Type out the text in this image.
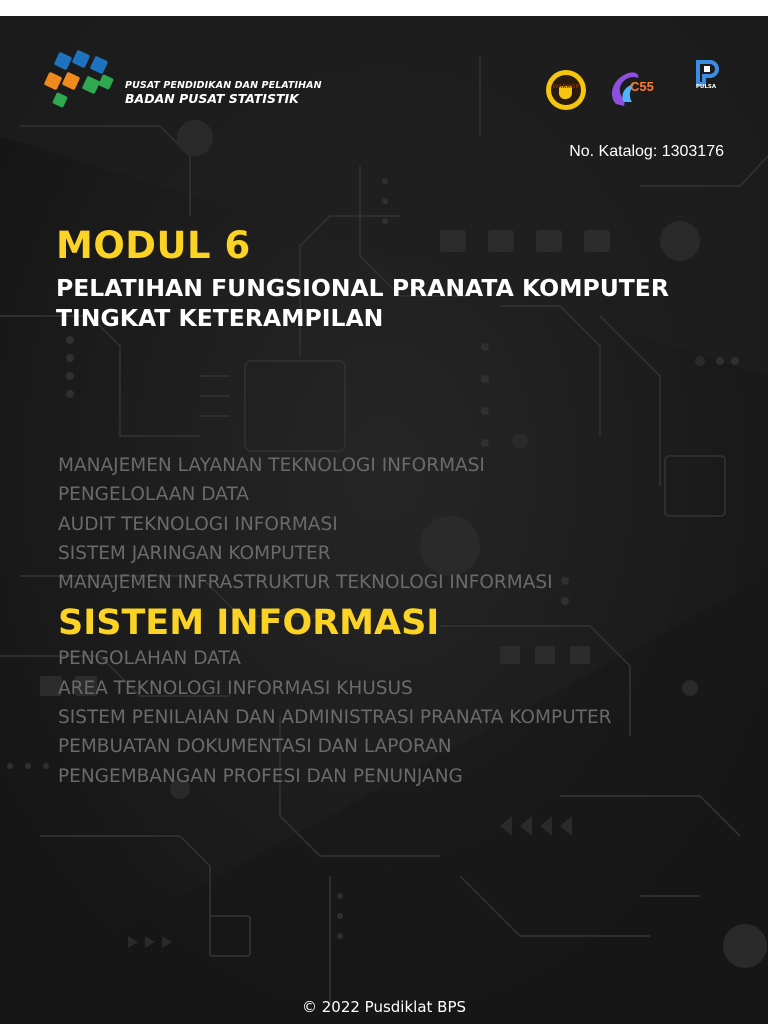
PUSAT PENDIDIKAN DAN PELATIHAN
BADAN PUSAT STATISTIK
WARKOP	C55	PULSA
No. Katalog: 1303176
MODUL 6
PELATIHAN FUNGSIONAL PRANATA KOMPUTER
TINGKAT KETERAMPILAN
MANAJEMEN LAYANAN TEKNOLOGI INFORMASI
PENGELOLAAN DATA
AUDIT TEKNOLOGI INFORMASI
SISTEM JARINGAN KOMPUTER
MANAJEMEN INFRASTRUKTUR TEKNOLOGI INFORMASI
SISTEM INFORMASI
PENGOLAHAN DATA
AREA TEKNOLOGI INFORMASI KHUSUS
SISTEM PENILAIAN DAN ADMINISTRASI PRANATA KOMPUTER
PEMBUATAN DOKUMENTASI DAN LAPORAN
PENGEMBANGAN PROFESI DAN PENUNJANG
© 2022 Pusdiklat BPS
